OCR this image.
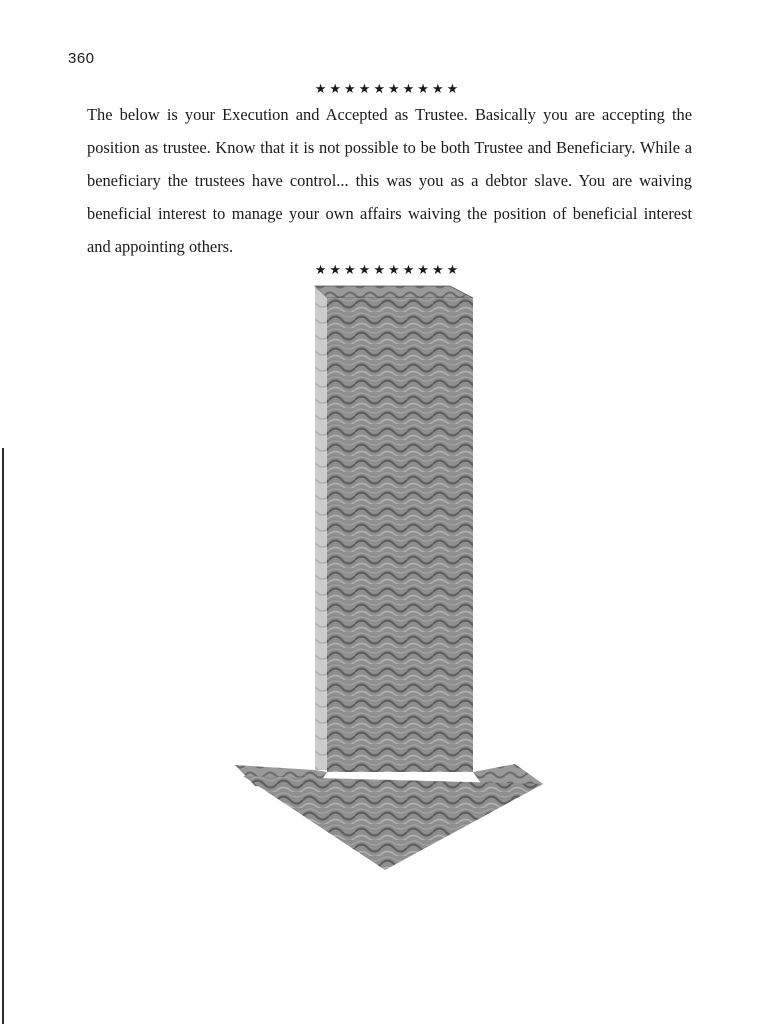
360
★★★★★★★★★★

The below is your Execution and Accepted as Trustee. Basically you are accepting the position as trustee. Know that it is not possible to be both Trustee and Beneficiary. While a beneficiary the trustees have control... this was you as a debtor slave. You are waiving beneficial interest to manage your own affairs waiving the position of beneficial interest and appointing others.

★★★★★★★★★★
